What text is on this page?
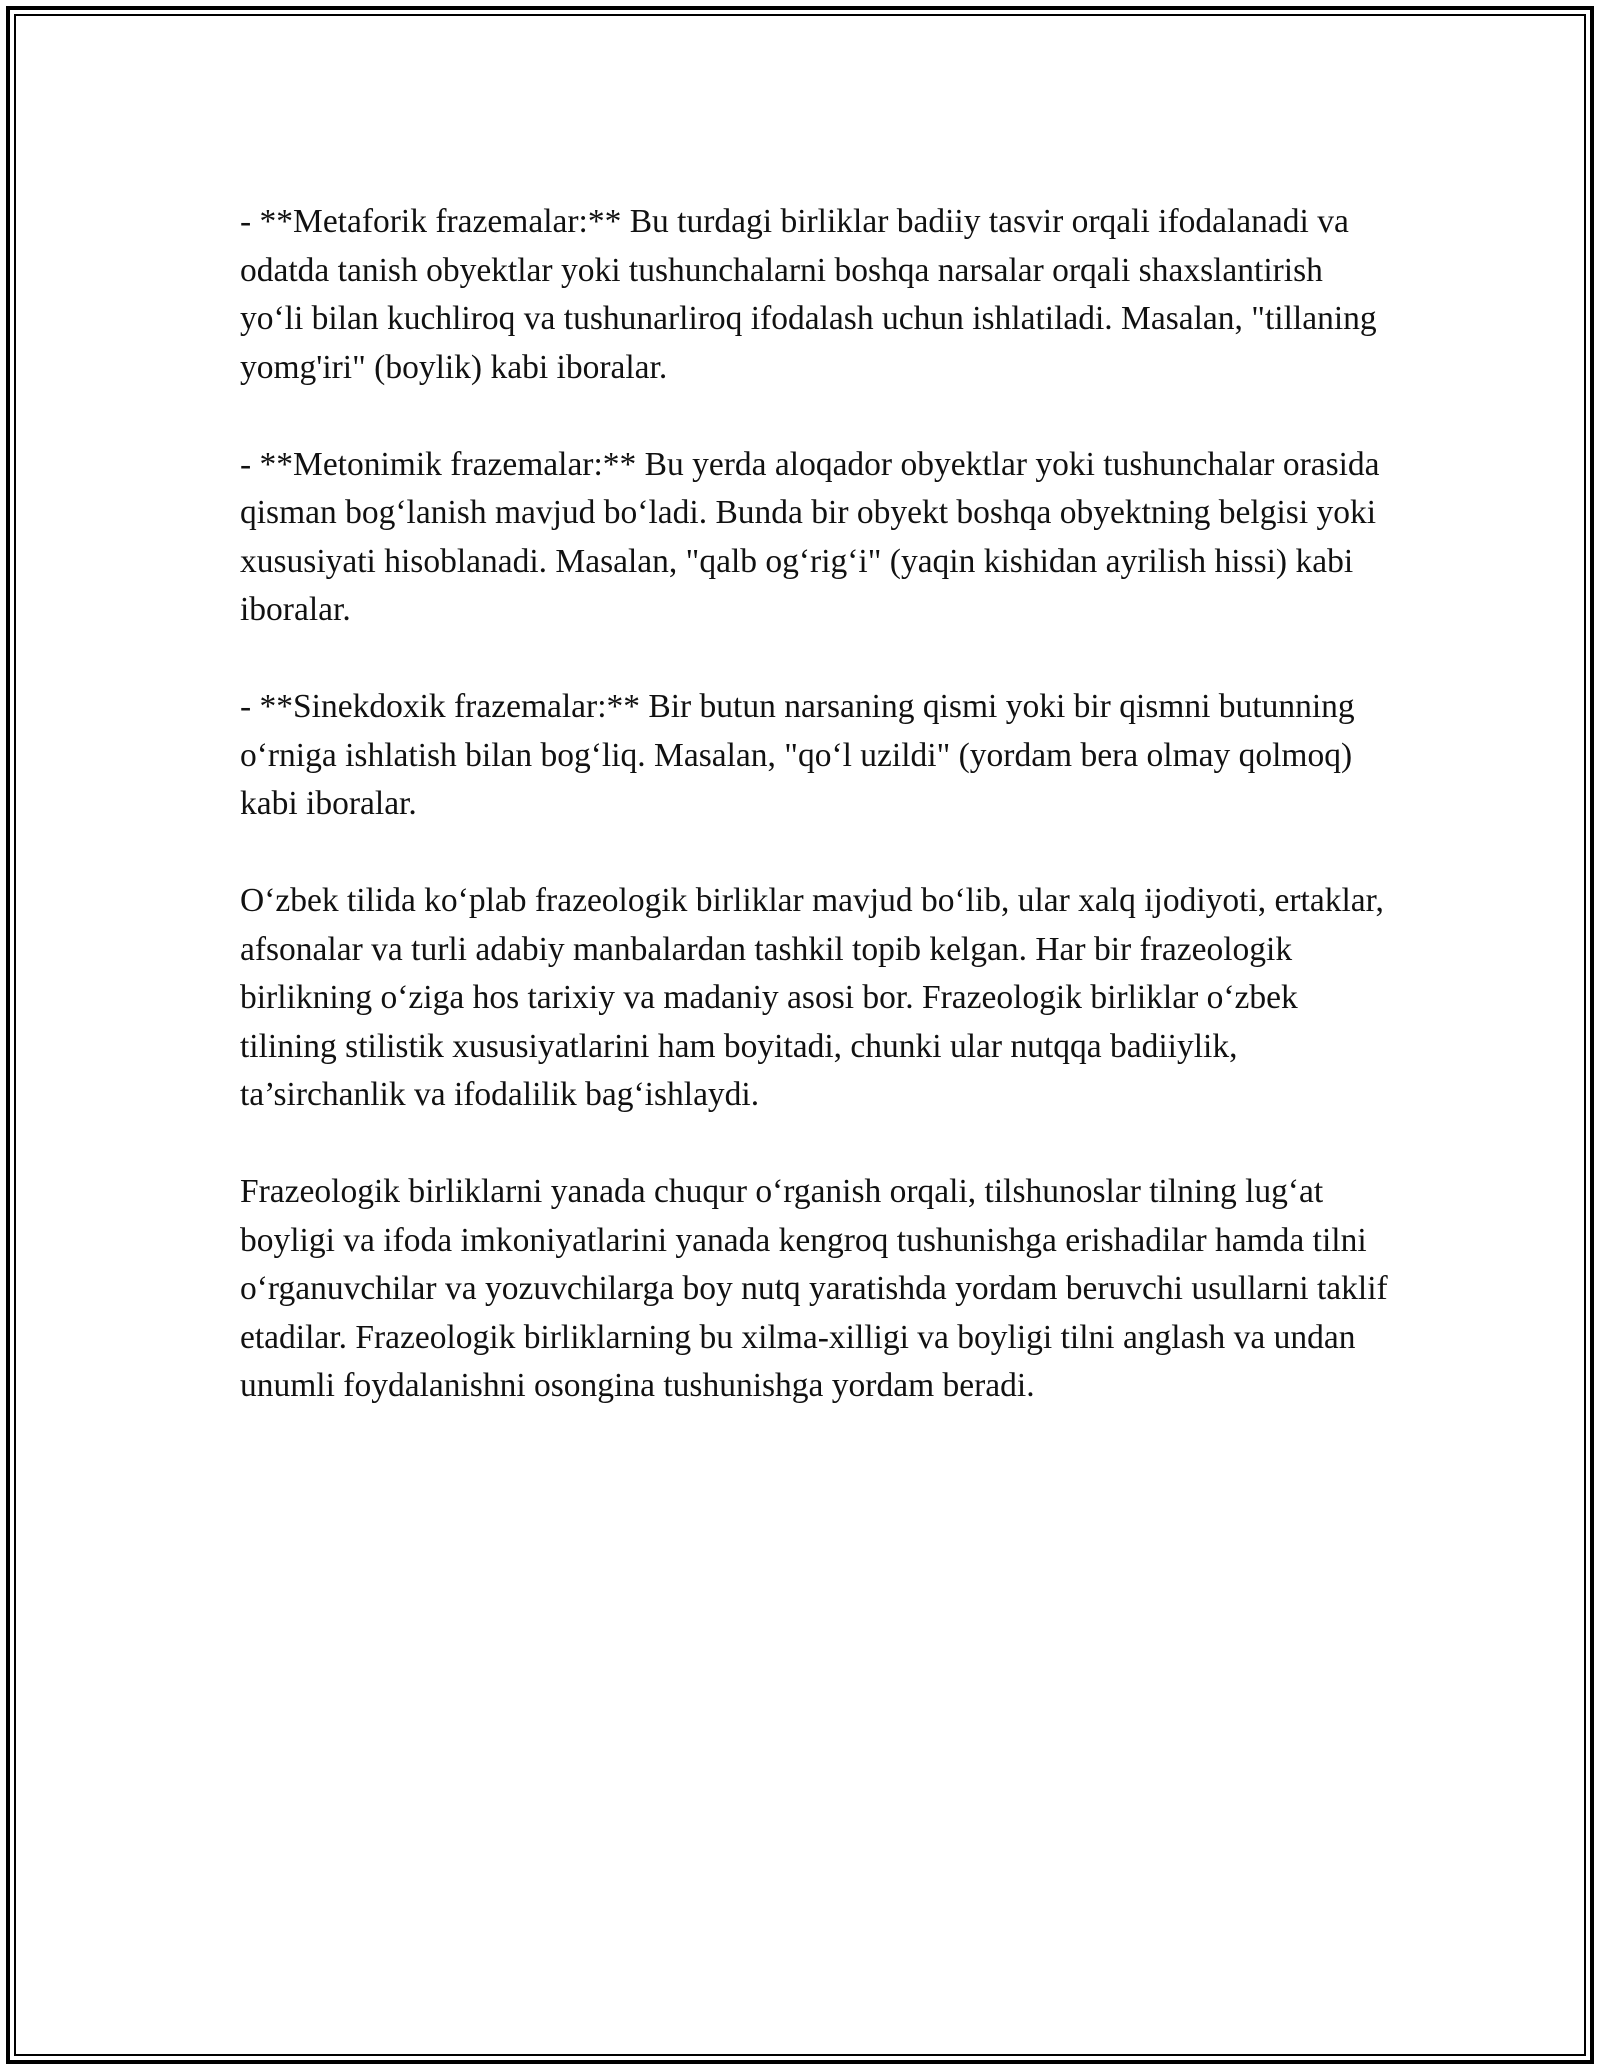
- **Metaforik frazemalar:** Bu turdagi birliklar badiiy tasvir orqali ifodalanadi va odatda tanish obyektlar yoki tushunchalarni boshqa narsalar orqali shaxslantirish yo‘li bilan kuchliroq va tushunarliroq ifodalash uchun ishlatiladi. Masalan, "tillaning yomg'iri" (boylik) kabi iboralar.

- **Metonimik frazemalar:** Bu yerda aloqador obyektlar yoki tushunchalar orasida qisman bog‘lanish mavjud bo‘ladi. Bunda bir obyekt boshqa obyektning belgisi yoki xususiyati hisoblanadi. Masalan, "qalb og‘rig‘i" (yaqin kishidan ayrilish hissi) kabi iboralar.

- **Sinekdoxik frazemalar:** Bir butun narsaning qismi yoki bir qismni butunning o‘rniga ishlatish bilan bog‘liq. Masalan, "qo‘l uzildi" (yordam bera olmay qolmoq) kabi iboralar.

O‘zbek tilida ko‘plab frazeologik birliklar mavjud bo‘lib, ular xalq ijodiyoti, ertaklar, afsonalar va turli adabiy manbalardan tashkil topib kelgan. Har bir frazeologik birlikning o‘ziga hos tarixiy va madaniy asosi bor. Frazeologik birliklar o‘zbek tilining stilistik xususiyatlarini ham boyitadi, chunki ular nutqqa badiiylik, ta’sirchanlik va ifodalilik bag‘ishlaydi.

Frazeologik birliklarni yanada chuqur o‘rganish orqali, tilshunoslar tilning lug‘at boyligi va ifoda imkoniyatlarini yanada kengroq tushunishga erishadilar hamda tilni o‘rganuvchilar va yozuvchilarga boy nutq yaratishda yordam beruvchi usullarni taklif etadilar. Frazeologik birliklarning bu xilma-xilligi va boyligi tilni anglash va undan unumli foydalanishni osongina tushunishga yordam beradi.
